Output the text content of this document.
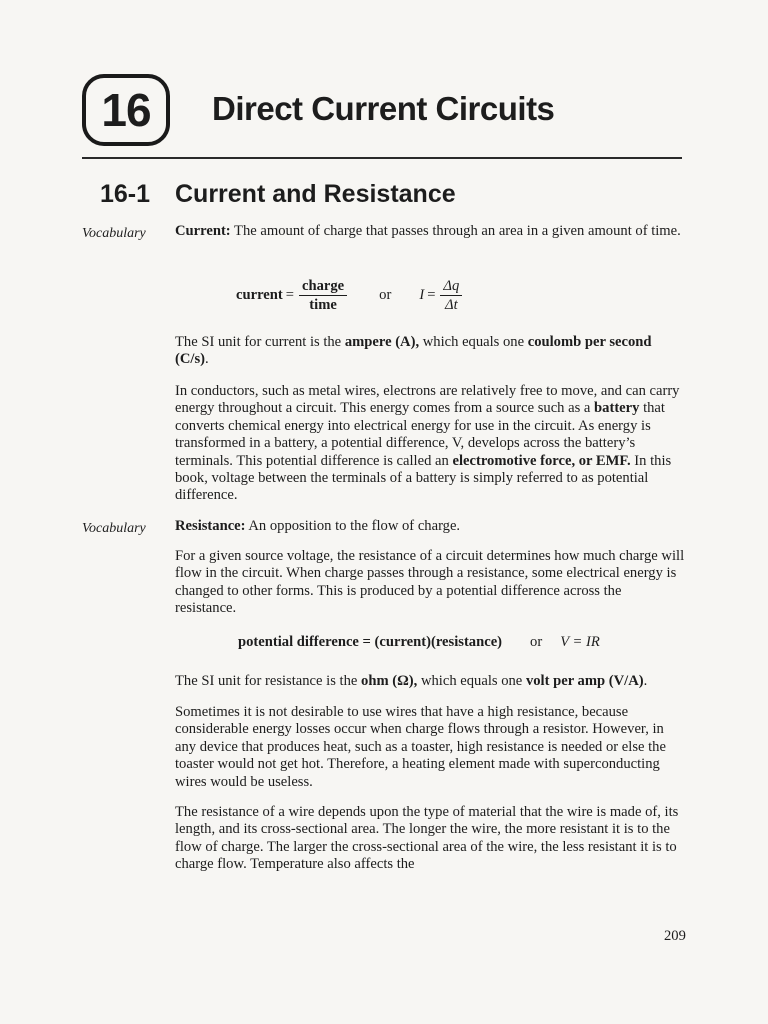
16 Direct Current Circuits
16-1 Current and Resistance
Vocabulary Current: The amount of charge that passes through an area in a given amount of time.

current = $\frac{\text{charge}}{\text{time}}$ or $I = \frac{\Delta q}{\Delta t}$

The SI unit for current is the ampere (A), which equals one coulomb per second (C/s).

In conductors, such as metal wires, electrons are relatively free to move, and can carry energy throughout a circuit. This energy comes from a source such as a battery that converts chemical energy into electrical energy for use in the circuit. As energy is transformed in a battery, a potential difference, V, develops across the battery’s terminals. This potential difference is called an electromotive force, or EMF. In this book, voltage between the terminals of a battery is simply referred to as potential difference.

Vocabulary Resistance: An opposition to the flow of charge.

For a given source voltage, the resistance of a circuit determines how much charge will flow in the circuit. When charge passes through a resistance, some electrical energy is changed to other forms. This is produced by a potential difference across the resistance.

potential difference = (current)(resistance) or V = IR

The SI unit for resistance is the ohm (Ω), which equals one volt per amp (V/A).

Sometimes it is not desirable to use wires that have a high resistance, because considerable energy losses occur when charge flows through a resistor. However, in any device that produces heat, such as a toaster, high resistance is needed or else the toaster would not get hot. Therefore, a heating element made with superconducting wires would be useless.

The resistance of a wire depends upon the type of material that the wire is made of, its length, and its cross-sectional area. The longer the wire, the more resistant it is to the flow of charge. The larger the cross-sectional area of the wire, the less resistant it is to charge flow. Temperature also affects the

209
